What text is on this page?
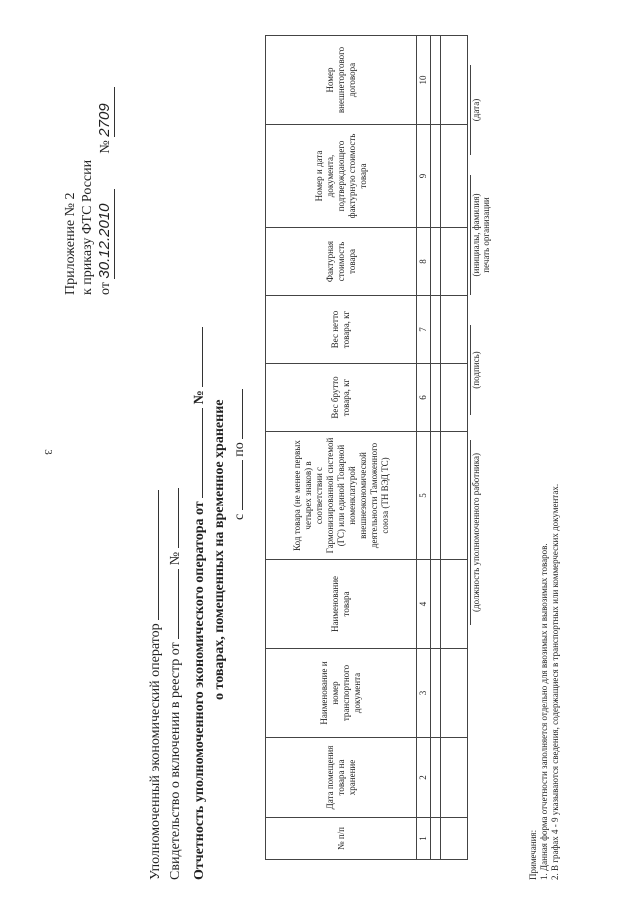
3
Приложение № 2 к приказу ФТС России от 30.12.2010  № 2709
Уполномоченный экономический оператор Свидетельство о включении в реестр от  № Отчетность уполномоченного экономического оператора от  №
о товарах, помещенных на временное хранение с  по
№ п/п	Дата помещения товара на хранение	Наименование и номер транспортного документа	Наименование товара	Код товара (не менее первых четырех знаков) в соответствии с Гармонизированной системой (ГС) или единой Товарной номенклатурой внешнеэкономической деятельности Таможенного союза (ТН ВЭД ТС)	Вес брутто товара, кг	Вес нетто товара, кг	Фактурная стоимость товара	Номер и дата документа, подтверждающего фактурную стоимость товара	Номер внешнеторгового договора
1	2	3	4	5	6	7	8	9	10

(должность уполномоченного работника)
(подпись)
(инициалы, фамилия) печать организации
(дата)
Примечания: 1. Данная форма отчетности заполняется отдельно для ввозимых и вывозимых товаров. 2. В графах 4 - 9 указываются сведения, содержащиеся в транспортных или коммерческих документах.
